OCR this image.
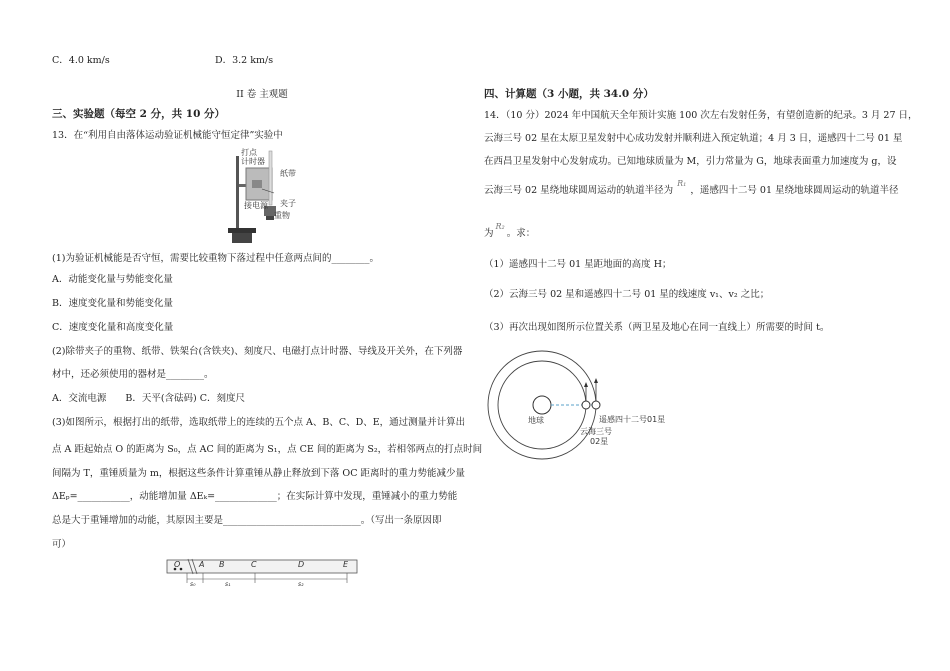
C．4.0 km/s	D．3.2 km/s
II 卷 主观题
三、实验题（每空 2 分，共 10 分）
13．在“利用自由落体运动验证机械能守恒定律”实验中
打点
计时器
纸带
接电源 夹子
重物
(1)为验证机械能是否守恒，需要比较重物下落过程中任意两点间的________。
A．动能变化量与势能变化量
B．速度变化量和势能变化量
C．速度变化量和高度变化量
(2)除带夹子的重物、纸带、铁架台(含铁夹)、刻度尺、电磁打点计时器、导线及开关外，在下列器
材中，还必须使用的器材是________。
A．交流电源　　B．天平(含砝码) C．刻度尺
(3)如图所示，根据打出的纸带，选取纸带上的连续的五个点 A、B、C、D、E，通过测量并计算出
点 A 距起始点 O 的距离为 S₀，点 AC 间的距离为 S₁，点 CE 间的距离为 S₂，若相邻两点的打点时间
间隔为 T，重锤质量为 m，根据这些条件计算重锤从静止释放到下落 OC 距离时的重力势能减少量
ΔEₚ=___________，动能增加量 ΔEₖ=_____________；在实际计算中发现，重锤减小的重力势能
总是大于重锤增加的动能，其原因主要是_____________________________。（写出一条原因即
可）
O A B	C	D	E
s₀	s₁	s₂
四、计算题（3 小题，共 34.0 分）
14．（10 分）2024 年中国航天全年预计实施 100 次左右发射任务，有望创造新的纪录。3 月 27 日，
云海三号 02 星在太原卫星发射中心成功发射并顺利进入预定轨道；4 月 3 日，遥感四十二号 01 星
在西昌卫星发射中心发射成功。已知地球质量为 M，引力常量为 G，地球表面重力加速度为 g，设
云海三号 02 星绕地球圆周运动的轨道半径为$^{R_1}$，遥感四十二号 01 星绕地球圆周运动的轨道半径
为$^{R_2}$。求：
（1）遥感四十二号 01 星距地面的高度 H；
（2）云海三号 02 星和遥感四十二号 01 星的线速度 v₁、v₂ 之比；
（3）再次出现如图所示位置关系（两卫星及地心在同一直线上）所需要的时间 t。
地球	遥感四十二号01星
云海三号
02星
